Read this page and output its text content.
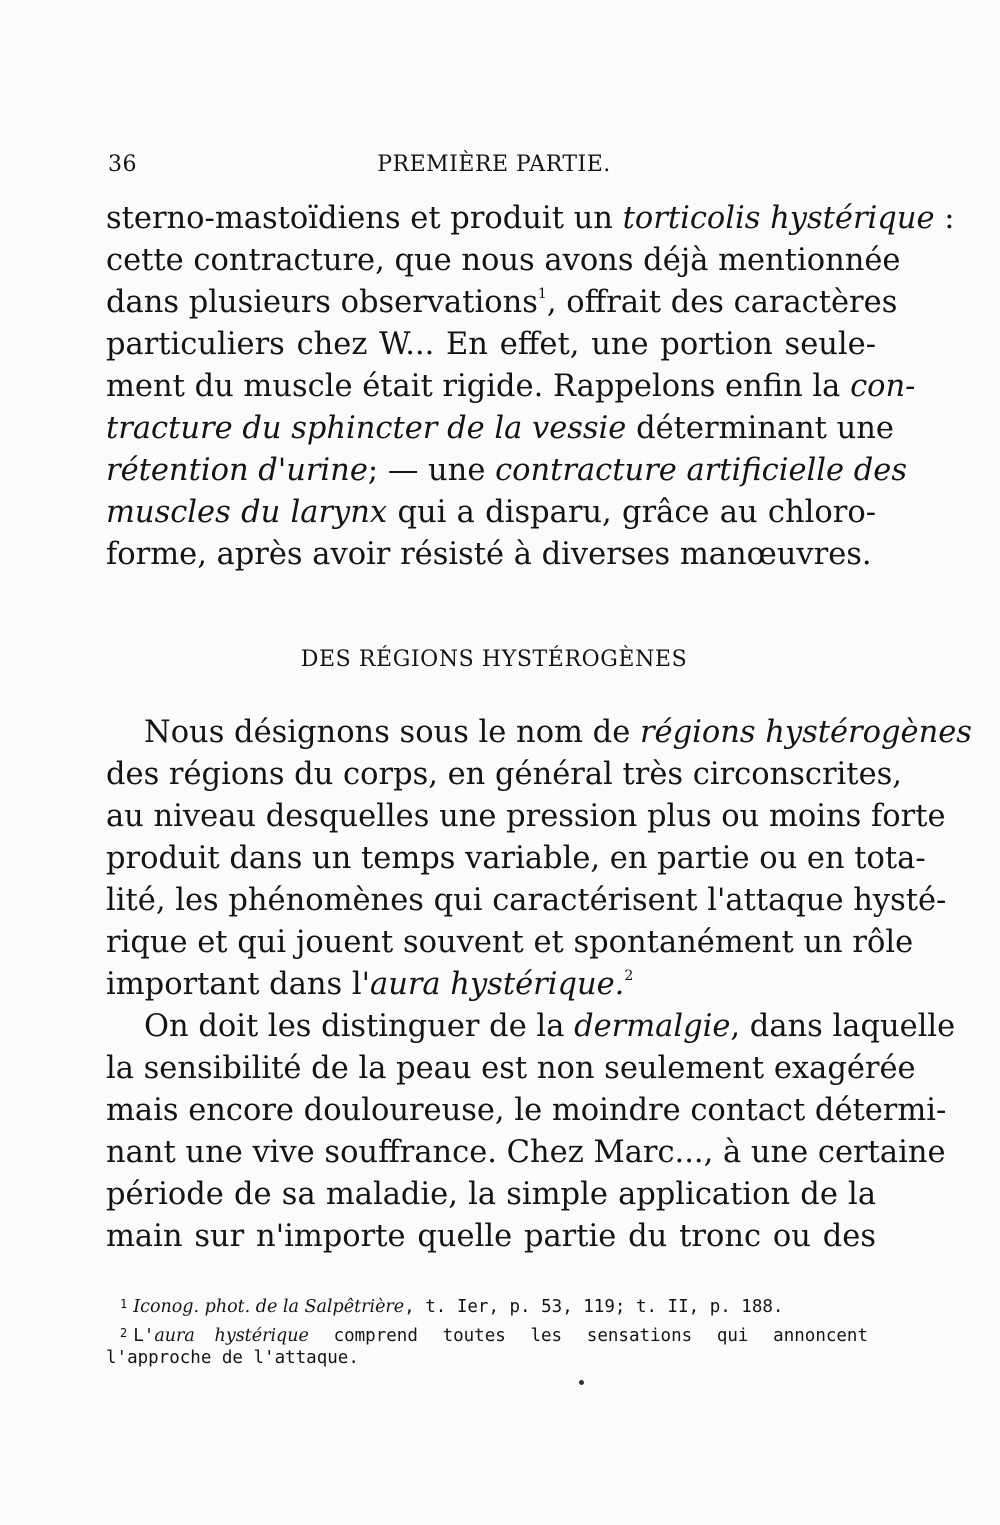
36	PREMIÈRE PARTIE.
sterno-mastoïdiens et produit un torticolis hystérique :
cette contracture, que nous avons déjà mentionnée
dans plusieurs observations$^1$, offrait des caractères
particuliers chez W... En effet, une portion seule-
ment du muscle était rigide. Rappelons enfin la con-
tracture du sphincter de la vessie déterminant une
rétention d'urine; — une contracture artificielle des
muscles du larynx qui a disparu, grâce au chloro-
forme, après avoir résisté à diverses manœuvres.
DES RÉGIONS HYSTÉROGÈNES
Nous désignons sous le nom de régions hystérogènes
des régions du corps, en général très circonscrites,
au niveau desquelles une pression plus ou moins forte
produit dans un temps variable, en partie ou en tota-
lité, les phénomènes qui caractérisent l'attaque hysté-
rique et qui jouent souvent et spontanément un rôle
important dans l'aura hystérique.$^2$
On doit les distinguer de la dermalgie, dans laquelle
la sensibilité de la peau est non seulement exagérée
mais encore douloureuse, le moindre contact détermi-
nant une vive souffrance. Chez Marc..., à une certaine
période de sa maladie, la simple application de la
main sur n'importe quelle partie du tronc ou des
$^1$ Iconog. phot. de la Salpêtrière, t. Ier, p. 53, 119; t. II, p. 188.
$^2$ L'aura hystérique comprend toutes les sensations qui annoncent
l'approche de l'attaque.
